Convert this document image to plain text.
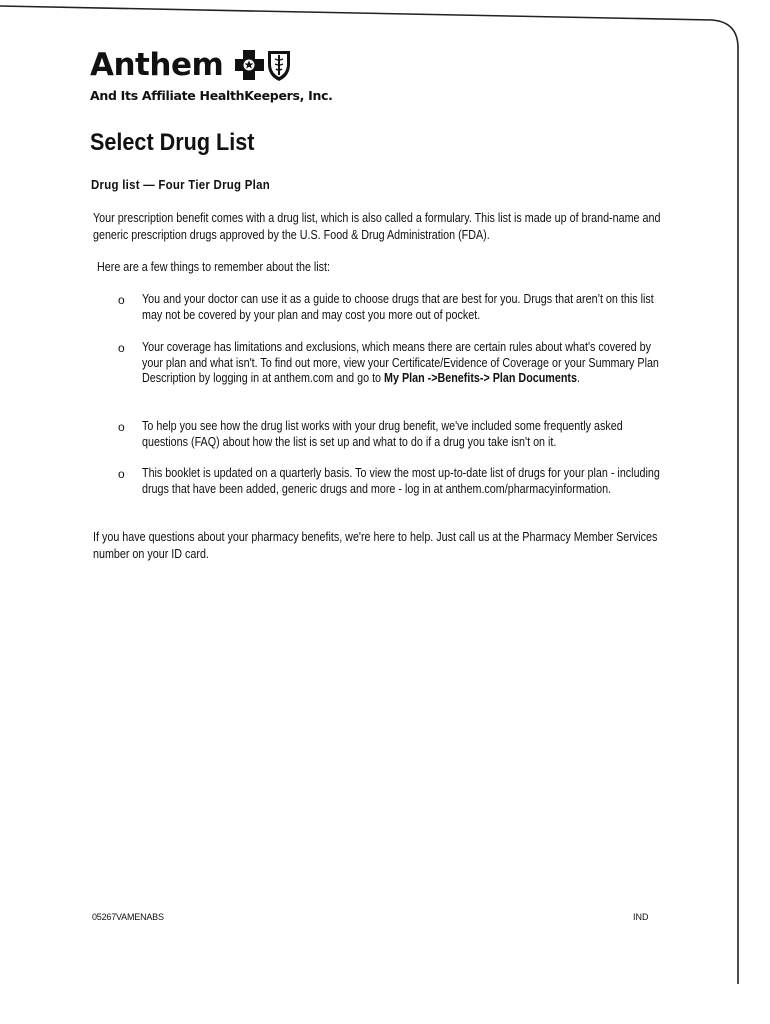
Anthem
And Its Affiliate HealthKeepers, Inc.
Select Drug List
Drug list — Four Tier Drug Plan

Your prescription benefit comes with a drug list, which is also called a formulary. This list is made up of brand-name and generic prescription drugs approved by the U.S. Food & Drug Administration (FDA).

Here are a few things to remember about the list:

o	You and your doctor can use it as a guide to choose drugs that are best for you. Drugs that aren’t on this list may not be covered by your plan and may cost you more out of pocket.
o	Your coverage has limitations and exclusions, which means there are certain rules about what's covered by your plan and what isn't. To find out more, view your Certificate/Evidence of Coverage or your Summary Plan Description by logging in at anthem.com and go to My Plan ->Benefits-> Plan Documents.
o	To help you see how the drug list works with your drug benefit, we've included some frequently asked questions (FAQ) about how the list is set up and what to do if a drug you take isn't on it.
o	This booklet is updated on a quarterly basis. To view the most up-to-date list of drugs for your plan - including drugs that have been added, generic drugs and more - log in at anthem.com/pharmacyinformation.

If you have questions about your pharmacy benefits, we're here to help. Just call us at the Pharmacy Member Services number on your ID card.

05267VAMENABS	IND
